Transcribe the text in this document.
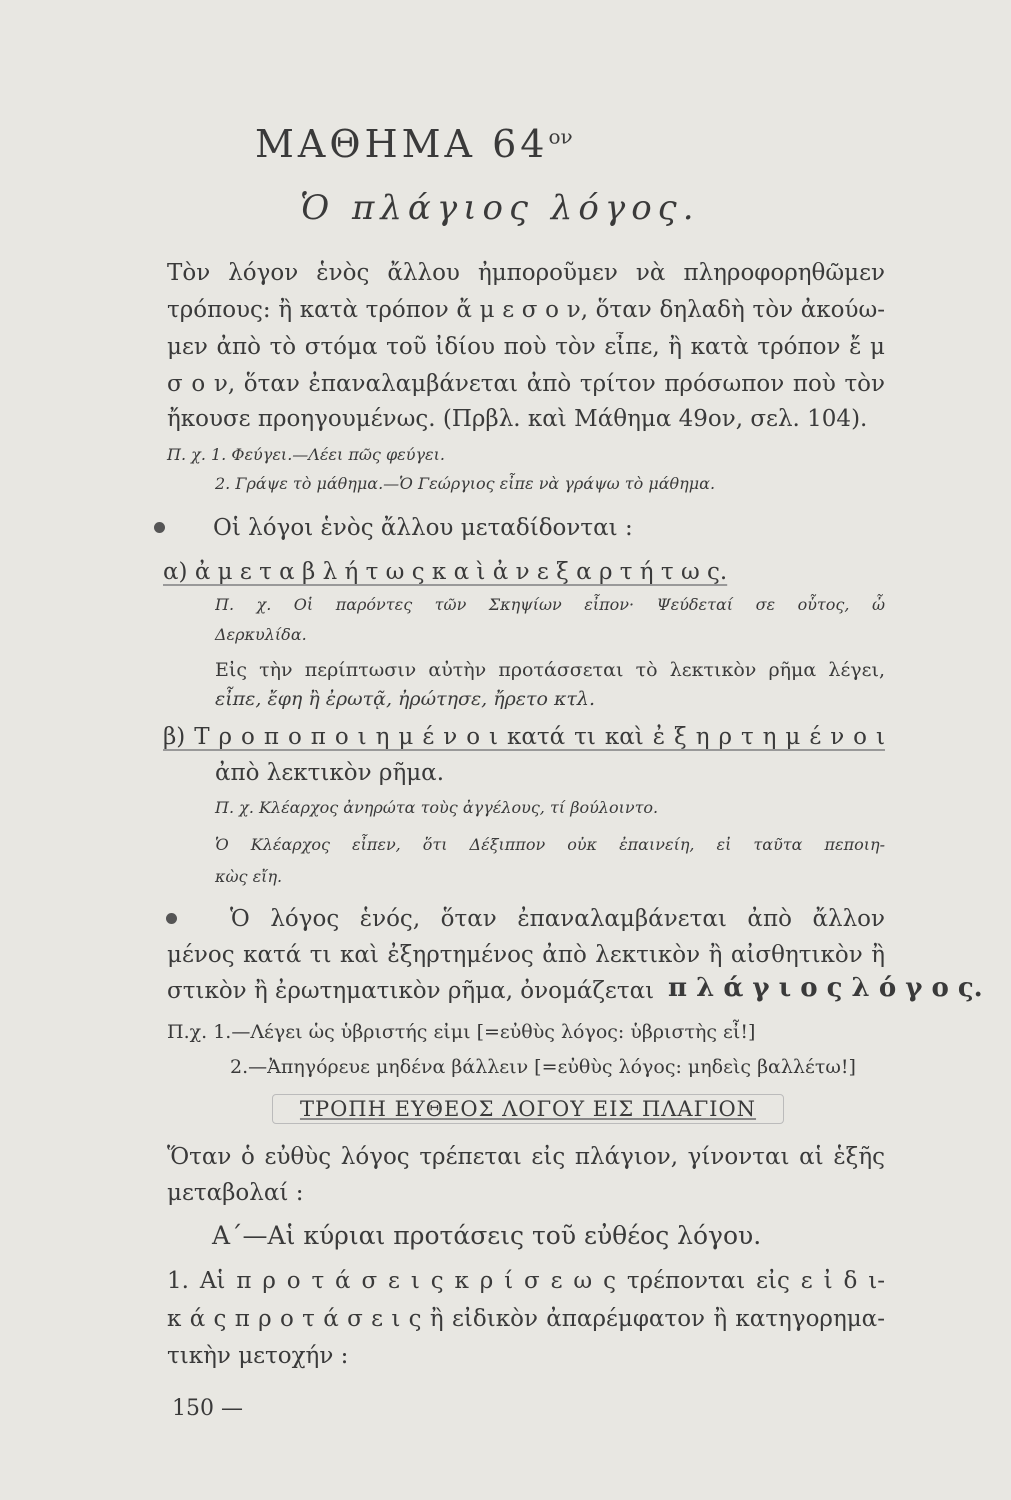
ΜΑΘΗΜΑ $64^{o\nu}$
Ὁ πλάγιος λόγος.
Τὸν λόγον ἑνὸς ἄλλου ἠμποροῦμεν νὰ πληροφορηθῶμεν
τρόπους: ἢ κατὰ τρόπον ἄ μ ε σ ο ν, ὅταν δηλαδὴ τὸν ἀκούω-
μεν ἀπὸ τὸ στόμα τοῦ ἰδίου ποὺ τὸν εἶπε, ἢ κατὰ τρόπον ἔ μ
σ ο ν, ὅταν ἐπαναλαμβάνεται ἀπὸ τρίτον πρόσωπον ποὺ τὸν
ἤκουσε προηγουμένως. (Πρβλ. καὶ Μάθημα 49ον, σελ. 104).
Π. χ. 1. Φεύγει.—Λέει πῶς φεύγει.
2. Γράψε τὸ μάθημα.—Ὁ Γεώργιος εἶπε νὰ γράψω τὸ μάθημα.
Οἱ λόγοι ἑνὸς ἄλλου μεταδίδονται :
α) ἀ μ ε τ α β λ ή τ ω ς κ α ὶ ἀ ν ε ξ α ρ τ ή τ ω ς.
Π. χ. Οἱ παρόντες τῶν Σκηψίων εἶπον· Ψεύδεταί σε οὗτος, ὦ
Δερκυλίδα.
Εἰς τὴν περίπτωσιν αὐτὴν προτάσσεται τὸ λεκτικὸν ρῆμα λέγει,
εἶπε, ἔφη ἢ ἐρωτᾷ, ἠρώτησε, ἤρετο κτλ.
β) Τ ρ ο π ο π ο ι η μ έ ν ο ι κατά τι καὶ ἐ ξ η ρ τ η μ έ ν ο ι
ἀπὸ λεκτικὸν ρῆμα.
Π. χ. Κλέαρχος ἀνηρώτα τοὺς ἀγγέλους, τί βούλοιντο.
Ὁ Κλέαρχος εἶπεν, ὅτι Δέξιππον οὐκ ἐπαινείη, εἰ ταῦτα πεποιη-
κὼς εἴη.
Ὁ λόγος ἑνός, ὅταν ἐπαναλαμβάνεται ἀπὸ ἄλλον
μένος κατά τι καὶ ἐξηρτημένος ἀπὸ λεκτικὸν ἢ αἰσθητικὸν ἢ
στικὸν ἢ ἐρωτηματικὸν ρῆμα, ὀνομάζεται π λ ά γ ι ο ς λ ό γ ο ς.
Π.χ. 1.—Λέγει ὡς ὑβριστής εἰμι [=εὐθὺς λόγος: ὑβριστὴς εἶ!]
2.—Ἀπηγόρευε μηδένα βάλλειν [=εὐθὺς λόγος: μηδεὶς βαλλέτω!]
ΤΡΟΠΗ ΕΥΘΕΟΣ ΛΟΓΟΥ ΕΙΣ ΠΛΑΓΙΟΝ
Ὅταν ὁ εὐθὺς λόγος τρέπεται εἰς πλάγιον, γίνονται αἱ ἑξῆς
μεταβολαί :
Α΄—Αἱ κύριαι προτάσεις τοῦ εὐθέος λόγου.
1. Αἱ π ρ ο τ ά σ ε ι ς κ ρ ί σ ε ω ς τρέπονται εἰς ε ἰ δ ι-
κ ά ς π ρ ο τ ά σ ε ι ς ἢ εἰδικὸν ἀπαρέμφατον ἢ κατηγορημα-
τικὴν μετοχήν :
150 —
